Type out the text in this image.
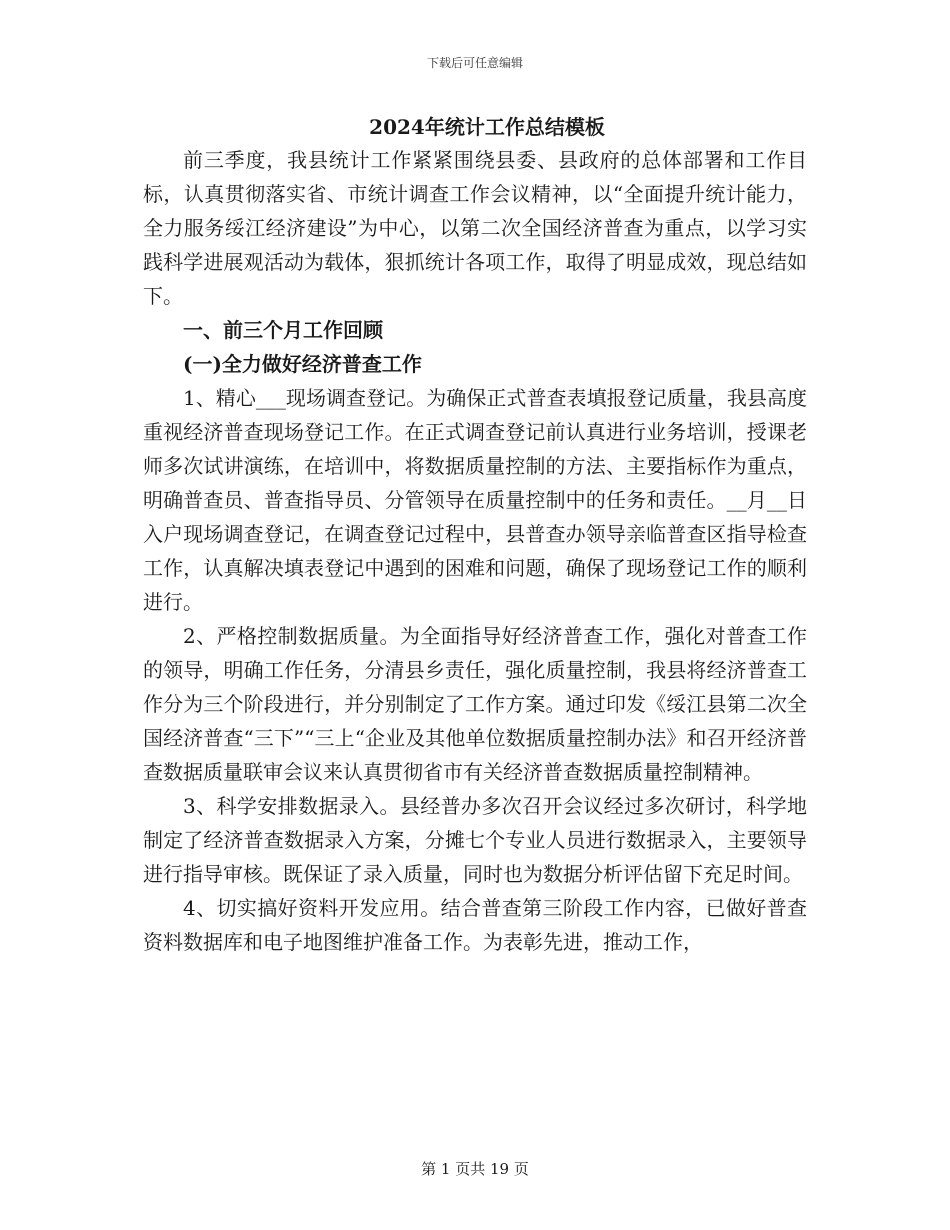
下载后可任意编辑
2024年统计工作总结模板

前三季度，我县统计工作紧紧围绕县委、县政府的总体部署和工作目标，认真贯彻落实省、市统计调查工作会议精神，以“全面提升统计能力，全力服务绥江经济建设”为中心，以第二次全国经济普查为重点，以学习实践科学进展观活动为载体，狠抓统计各项工作，取得了明显成效，现总结如下。

一、前三个月工作回顾

(一)全力做好经济普查工作

1、精心___现场调查登记。为确保正式普查表填报登记质量，我县高度重视经济普查现场登记工作。在正式调查登记前认真进行业务培训，授课老师多次试讲演练，在培训中，将数据质量控制的方法、主要指标作为重点，明确普查员、普查指导员、分管领导在质量控制中的任务和责任。__月__日入户现场调查登记，在调查登记过程中，县普查办领导亲临普查区指导检查工作，认真解决填表登记中遇到的困难和问题，确保了现场登记工作的顺利进行。

2、严格控制数据质量。为全面指导好经济普查工作，强化对普查工作的领导，明确工作任务，分清县乡责任，强化质量控制，我县将经济普查工作分为三个阶段进行，并分别制定了工作方案。通过印发《绥江县第二次全国经济普查“三下”“三上“企业及其他单位数据质量控制办法》和召开经济普查数据质量联审会议来认真贯彻省市有关经济普查数据质量控制精神。

3、科学安排数据录入。县经普办多次召开会议经过多次研讨，科学地制定了经济普查数据录入方案，分摊七个专业人员进行数据录入，主要领导进行指导审核。既保证了录入质量，同时也为数据分析评估留下充足时间。

4、切实搞好资料开发应用。结合普查第三阶段工作内容，已做好普查资料数据库和电子地图维护准备工作。为表彰先进，推动工作，

第 1 页共 19 页
